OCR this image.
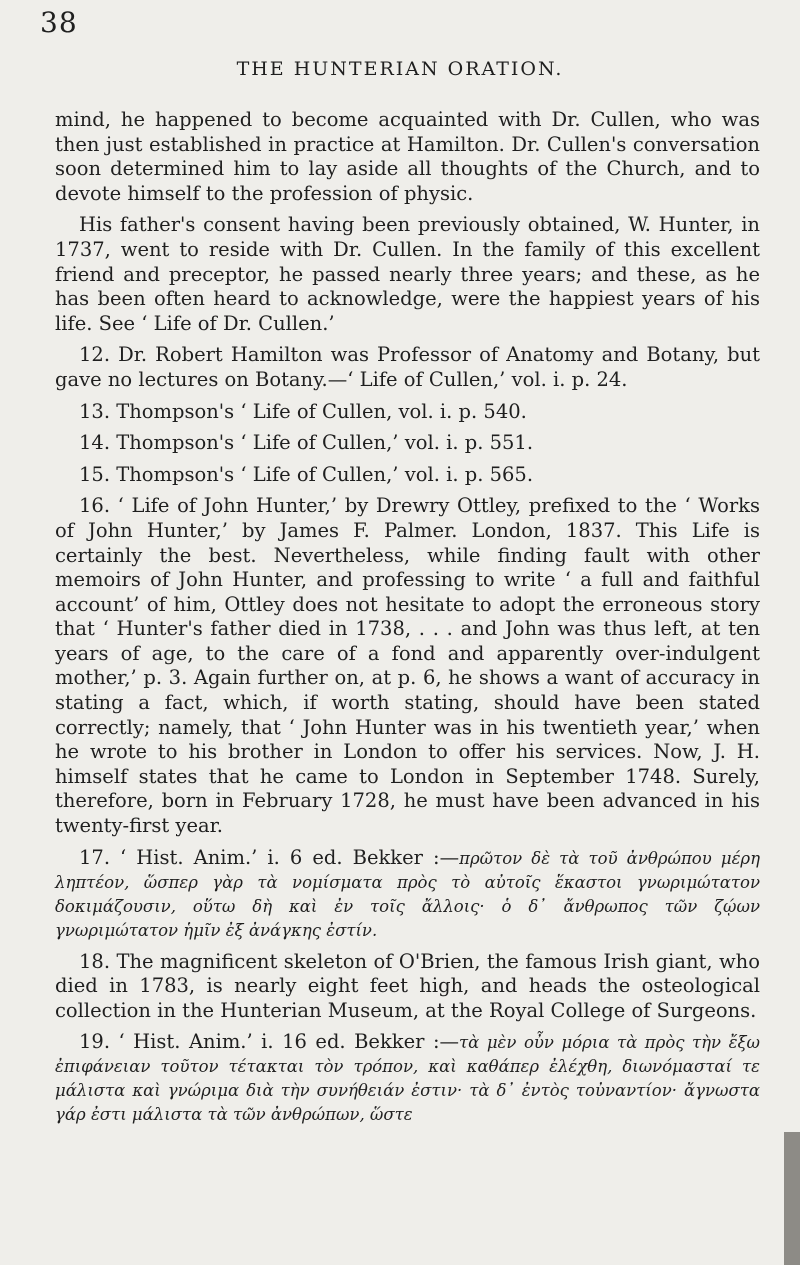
38
THE HUNTERIAN ORATION.

mind, he happened to become acquainted with Dr. Cullen, who was then just established in practice at Hamilton. Dr. Cullen's conversation soon determined him to lay aside all thoughts of the Church, and to devote himself to the profession of physic.

His father's consent having been previously obtained, W. Hunter, in 1737, went to reside with Dr. Cullen. In the family of this excellent friend and preceptor, he passed nearly three years; and these, as he has been often heard to acknowledge, were the happiest years of his life. See ‘ Life of Dr. Cullen.’

12. Dr. Robert Hamilton was Professor of Anatomy and Botany, but gave no lectures on Botany.—‘ Life of Cullen,’ vol. i. p. 24.

13. Thompson's ‘ Life of Cullen, vol. i. p. 540.

14. Thompson's ‘ Life of Cullen,’ vol. i. p. 551.

15. Thompson's ‘ Life of Cullen,’ vol. i. p. 565.

16. ‘ Life of John Hunter,’ by Drewry Ottley, prefixed to the ‘ Works of John Hunter,’ by James F. Palmer. London, 1837. This Life is certainly the best. Nevertheless, while finding fault with other memoirs of John Hunter, and professing to write ‘ a full and faithful account’ of him, Ottley does not hesitate to adopt the erroneous story that ‘ Hunter's father died in 1738, . . . and John was thus left, at ten years of age, to the care of a fond and apparently over-indulgent mother,’ p. 3. Again further on, at p. 6, he shows a want of accuracy in stating a fact, which, if worth stating, should have been stated correctly; namely, that ‘ John Hunter was in his twentieth year,’ when he wrote to his brother in London to offer his services. Now, J. H. himself states that he came to London in September 1748. Surely, therefore, born in February 1728, he must have been advanced in his twenty-first year.

17. ‘ Hist. Anim.’ i. 6 ed. Bekker :—πρῶτον δὲ τὰ τοῦ ἀνθρώπου μέρη ληπτέον, ὥσπερ γὰρ τὰ νομίσματα πρὸς τὸ αὐτοῖς ἕκαστοι γνωριμώτατον δοκιμάζουσιν, οὕτω δὴ καὶ ἐν τοῖς ἄλλοις· ὁ δ᾽ ἄνθρωπος τῶν ζῴων γνωριμώτατον ἡμῖν ἐξ ἀνάγκης ἐστίν.

18. The magnificent skeleton of O'Brien, the famous Irish giant, who died in 1783, is nearly eight feet high, and heads the osteological collection in the Hunterian Museum, at the Royal College of Surgeons.

19. ‘ Hist. Anim.’ i. 16 ed. Bekker :—τὰ μὲν οὖν μόρια τὰ πρὸς τὴν ἔξω ἐπιφάνειαν τοῦτον τέτακται τὸν τρόπον, καὶ καθάπερ ἐλέχθη, διωνόμασταί τε μάλιστα καὶ γνώριμα διὰ τὴν συνήθειάν ἐστιν· τὰ δ᾽ ἐντὸς τοὐναντίον· ἄγνωστα γάρ ἐστι μάλιστα τὰ τῶν ἀνθρώπων, ὥστε
